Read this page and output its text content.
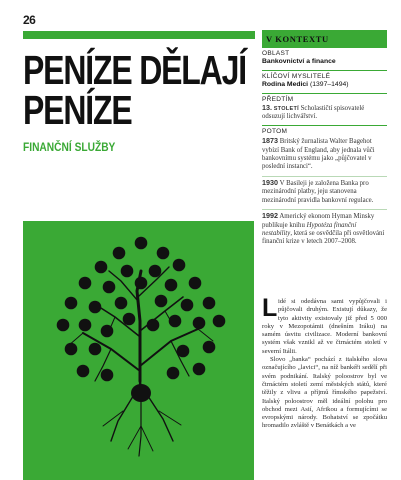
26
PENÍZE DĚLAJÍ
PENÍZE
FINANČNÍ SLUŽBY
V KONTEXTU
OBLAST
Bankovnictví a finance
KLÍČOVÍ MYSLITELÉ
Rodina Medici (1397–1494)
PŘEDTÍM
13. STOLETÍ Scholastičtí spisovatelé odsuzují lichvářství.
POTOM
1873 Britský žurnalista Walter Bagehot vybízí Bank of England, aby jednala vůči bankovnímu systému jako „půjčovatel v poslední instanci“.
1930 V Basileji je založena Banka pro mezinárodní platby, jeju stanovena mezinárodní pravidla bankovní regulace.
1992 Americký ekonom Hyman Minsky publikuje knihu Hypotéza finanční nestability, která se osvědčila při osvětlování finanční krize v letech 2007–2008.
L idé si odedávna sami vypůjčovali i půjčovali druhým. Existují důkazy, že tyto aktivity existovaly již před 5 000 roky v Mezopotámii (dnešním Iráku) na samém úsvitu civilizace. Moderní bankovní systém však vznikl až ve čtrnáctém století v severní Itálii.

Slovo „banka“ pochází z italského slova označujícího „lavici“, na níž bankéři sedělí při svém podnikání. Italský poloostrov byl ve čtrnáctém století zemí městských států, které těžily z vlivu a příjmů římského papežství. Italský poloostrov měl ideální polohu pro obchod mezi Asií, Afrikou a formujícími se evropskými národy. Bohatství se zpočátku hromadilo zvláště v Benátkách a ve
